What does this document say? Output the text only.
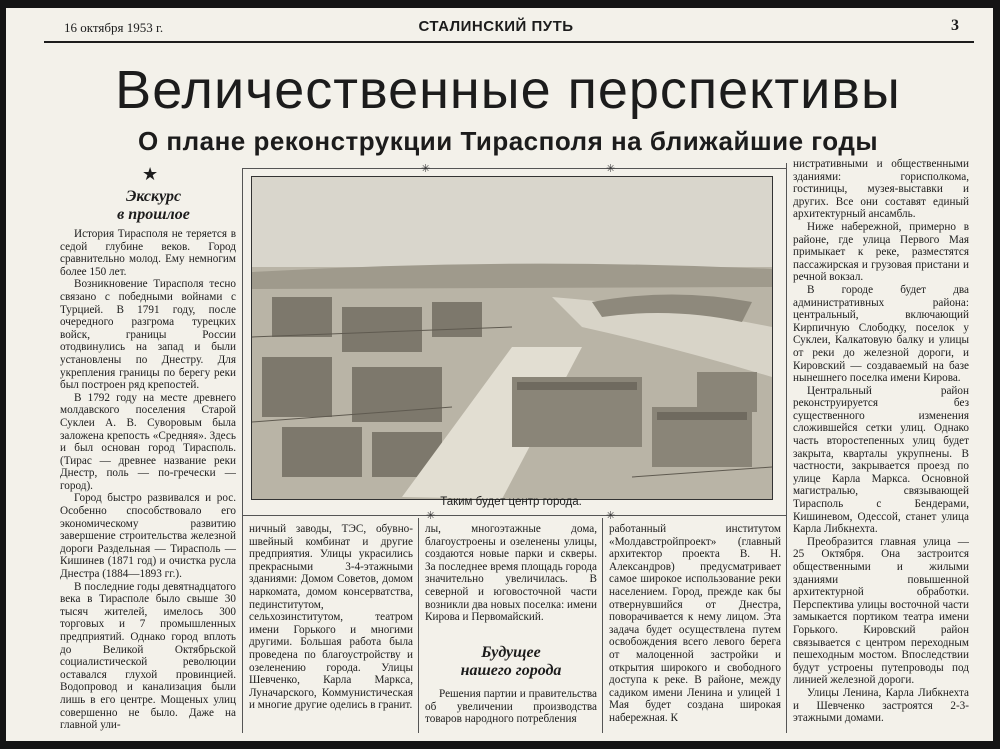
16 октября 1953 г.	СТАЛИНСКИЙ ПУТЬ	3
Величественные перспективы
О плане реконструкции Тирасполя на ближайшие годы
★
Экскурс
в прошлое

История Тирасполя не теряется в седой глубине веков. Город сравнительно молод. Ему немногим более 150 лет.

Возникновение Тирасполя тесно связано с победными войнами с Турцией. В 1791 году, после очередного разгрома турецких войск, границы России отодвинулись на запад и были установлены по Днестру. Для укрепления границы по берегу реки был построен ряд крепостей.

В 1792 году на месте древнего молдавского поселения Старой Суклеи А. В. Суворовым была заложена крепость «Средняя». Здесь и был основан город Тирасполь. (Тирас — древнее название реки Днестр, поль — по-гречески — город).

Город быстро развивался и рос. Особенно способствовало его экономическому развитию завершение строительства железной дороги Раздельная — Тирасполь — Кишинев (1871 год) и очистка русла Днестра (1884—1893 гг.).

В последние годы девятнадцатого века в Тирасполе было свыше 30 тысяч жителей, имелось 300 торговых и 7 промышленных предприятий. Однако город вплоть до Великой Октябрьской социалистической революции оставался глухой провинцией. Водопровод и канализация были лишь в его центре. Мощеных улиц совершенно не было. Даже на главной ули-

✳	✳
✳	✳
Таким будет центр города.

ничный заводы, ТЭС, обувно-швейный комбинат и другие предприятия. Улицы украсились прекрасными 3-4-этажными зданиями: Домом Советов, домом наркомата, домом консерватства, пединститутом, сельхозинститутом, театром имени Горького и многими другими. Большая работа была проведена по благоустройству и озеленению города. Улицы Шевченко, Карла Маркса, Луначарского, Коммунистическая и многие другие оделись в гранит.

лы, многоэтажные дома, благоустроены и озеленены улицы, создаются новые парки и скверы. За последнее время площадь города значительно увеличилась. В северной и юговосточной части возникли два новых поселка: имени Кирова и Первомайский.

Будущее
нашего города

Решения партии и правительства об увеличении производства товаров народного потребления

работанный институтом «Молдавстройпроект» (главный архитектор проекта В. Н. Александров) предусматривает самое широкое использование реки населением. Город, прежде как бы отвернувшийся от Днестра, поворачивается к нему лицом. Эта задача будет осуществлена путем освобождения всего левого берега от малоценной застройки и открытия широкого и свободного доступа к реке. В районе, между садиком имени Ленина и улицей 1 Мая будет создана широкая набережная. К

нистративными и общественными зданиями: горисполкома, гостиницы, музея-выставки и других. Все они составят единый архитектурный ансамбль.

Ниже набережной, примерно в районе, где улица Первого Мая примыкает к реке, разместятся пассажирская и грузовая пристани и речной вокзал.

В городе будет два административных района: центральный, включающий Кирпичную Слободку, поселок у Суклеи, Калкатовую балку и улицы от реки до железной дороги, и Кировский — создаваемый на базе нынешнего поселка имени Кирова.

Центральный район реконструируется без существенного изменения сложившейся сетки улиц. Однако часть второстепенных улиц будет закрыта, кварталы укрупнены. В частности, закрывается проезд по улице Карла Маркса. Основной магистралью, связывающей Тирасполь с Бендерами, Кишиневом, Одессой, станет улица Карла Либкнехта.

Преобразится главная улица — 25 Октября. Она застроится общественными и жилыми зданиями повышенной архитектурной обработки. Перспектива улицы восточной части замыкается портиком театра имени Горького. Кировский район связывается с центром переходным пешеходным мостом. Впоследствии будут устроены путепроводы под линией железной дороги.

Улицы Ленина, Карла Либкнехта и Шевченко застроятся 2-3-этажными домами.
